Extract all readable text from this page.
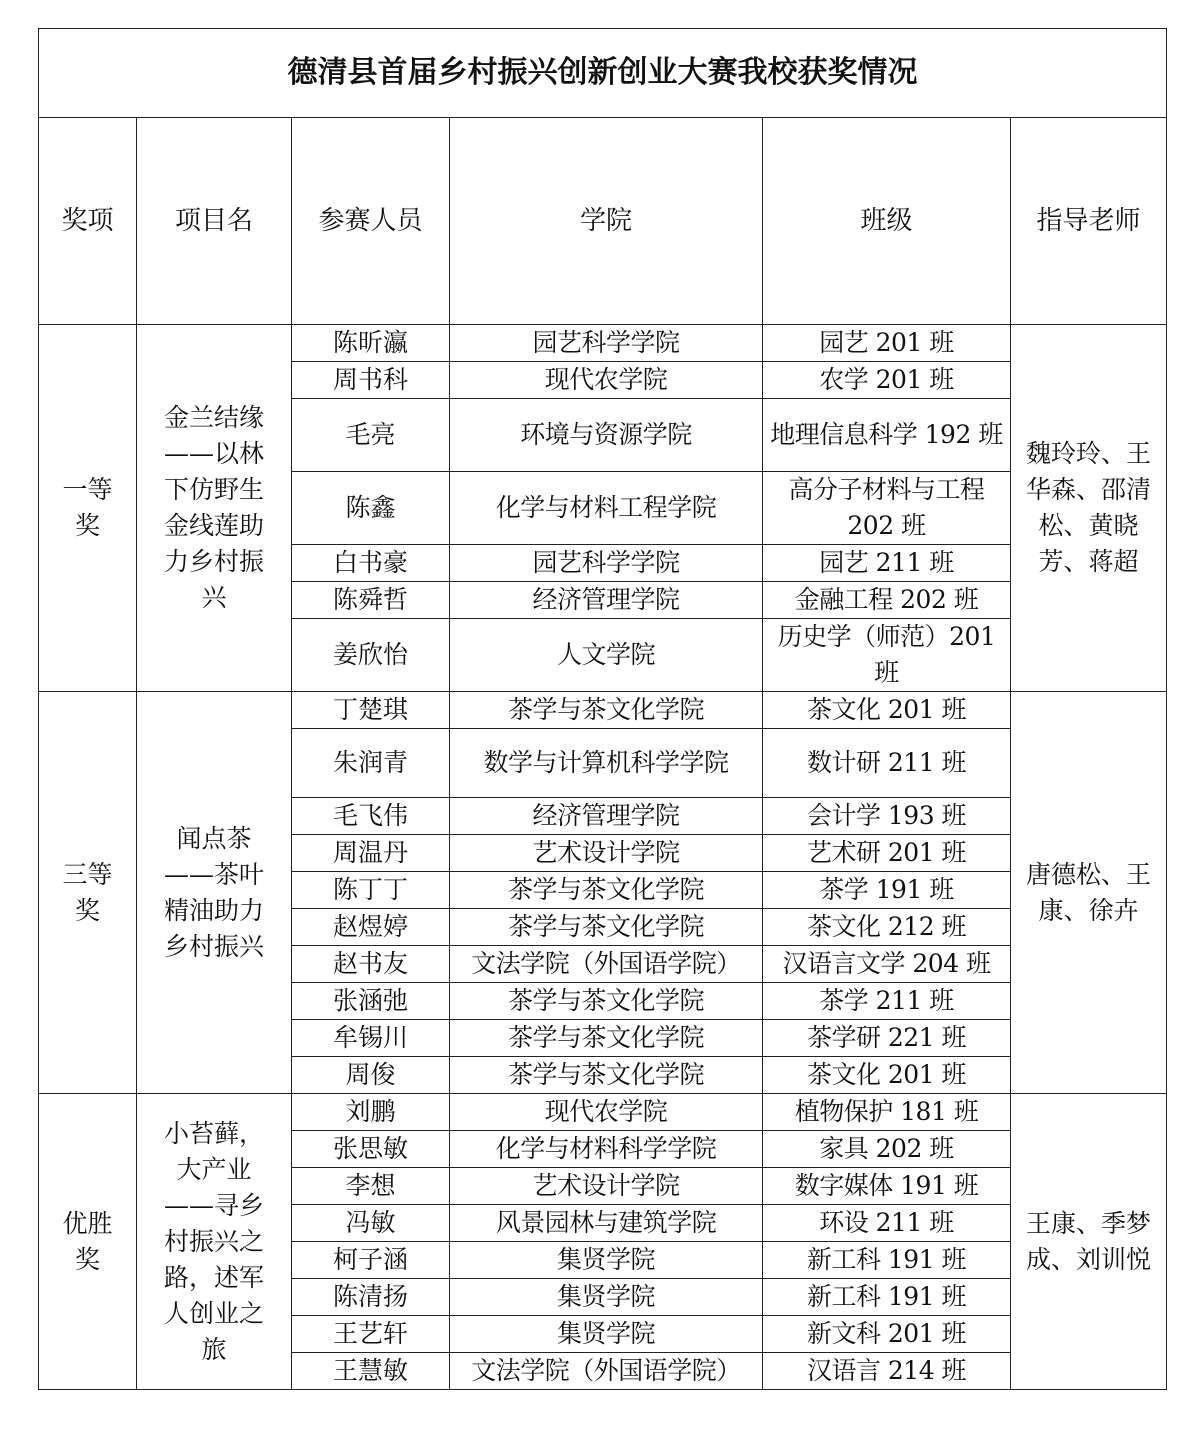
德清县首届乡村振兴创新创业大赛我校获奖情况					
奖项	项目名	参赛人员	学院	班级	指导老师
一等奖	金兰结缘——以林下仿野生金线莲助力乡村振兴	陈昕瀛	园艺科学学院	园艺 201 班	魏玲玲、王华森、邵清松、黄晓芳、蒋超
		周书科	现代农学院	农学 201 班	
		毛亮	环境与资源学院	地理信息科学 192 班	
		陈鑫	化学与材料工程学院	高分子材料与工程 202 班	
		白书豪	园艺科学学院	园艺 211 班	
		陈舜哲	经济管理学院	金融工程 202 班	
		姜欣怡	人文学院	历史学（师范）201 班	
三等奖	闻点茶——茶叶精油助力乡村振兴	丁楚琪	茶学与茶文化学院	茶文化 201 班	唐德松、王康、徐卉
		朱润青	数学与计算机科学学院	数计研 211 班	
		毛飞伟	经济管理学院	会计学 193 班	
		周温丹	艺术设计学院	艺术研 201 班	
		陈丁丁	茶学与茶文化学院	茶学 191 班	
		赵煜婷	茶学与茶文化学院	茶文化 212 班	
		赵书友	文法学院（外国语学院）	汉语言文学 204 班	
		张涵弛	茶学与茶文化学院	茶学 211 班	
		牟锡川	茶学与茶文化学院	茶学研 221 班	
		周俊	茶学与茶文化学院	茶文化 201 班	
优胜奖	小苔藓，大产业——寻乡村振兴之路，述军人创业之旅	刘鹏	现代农学院	植物保护 181 班	王康、季梦成、刘训悦
		张思敏	化学与材料科学学院	家具 202 班	
		李想	艺术设计学院	数字媒体 191 班	
		冯敏	风景园林与建筑学院	环设 211 班	
		柯子涵	集贤学院	新工科 191 班	
		陈清扬	集贤学院	新工科 191 班	
		王艺轩	集贤学院	新文科 201 班	
		王慧敏	文法学院（外国语学院）	汉语言 214 班	
